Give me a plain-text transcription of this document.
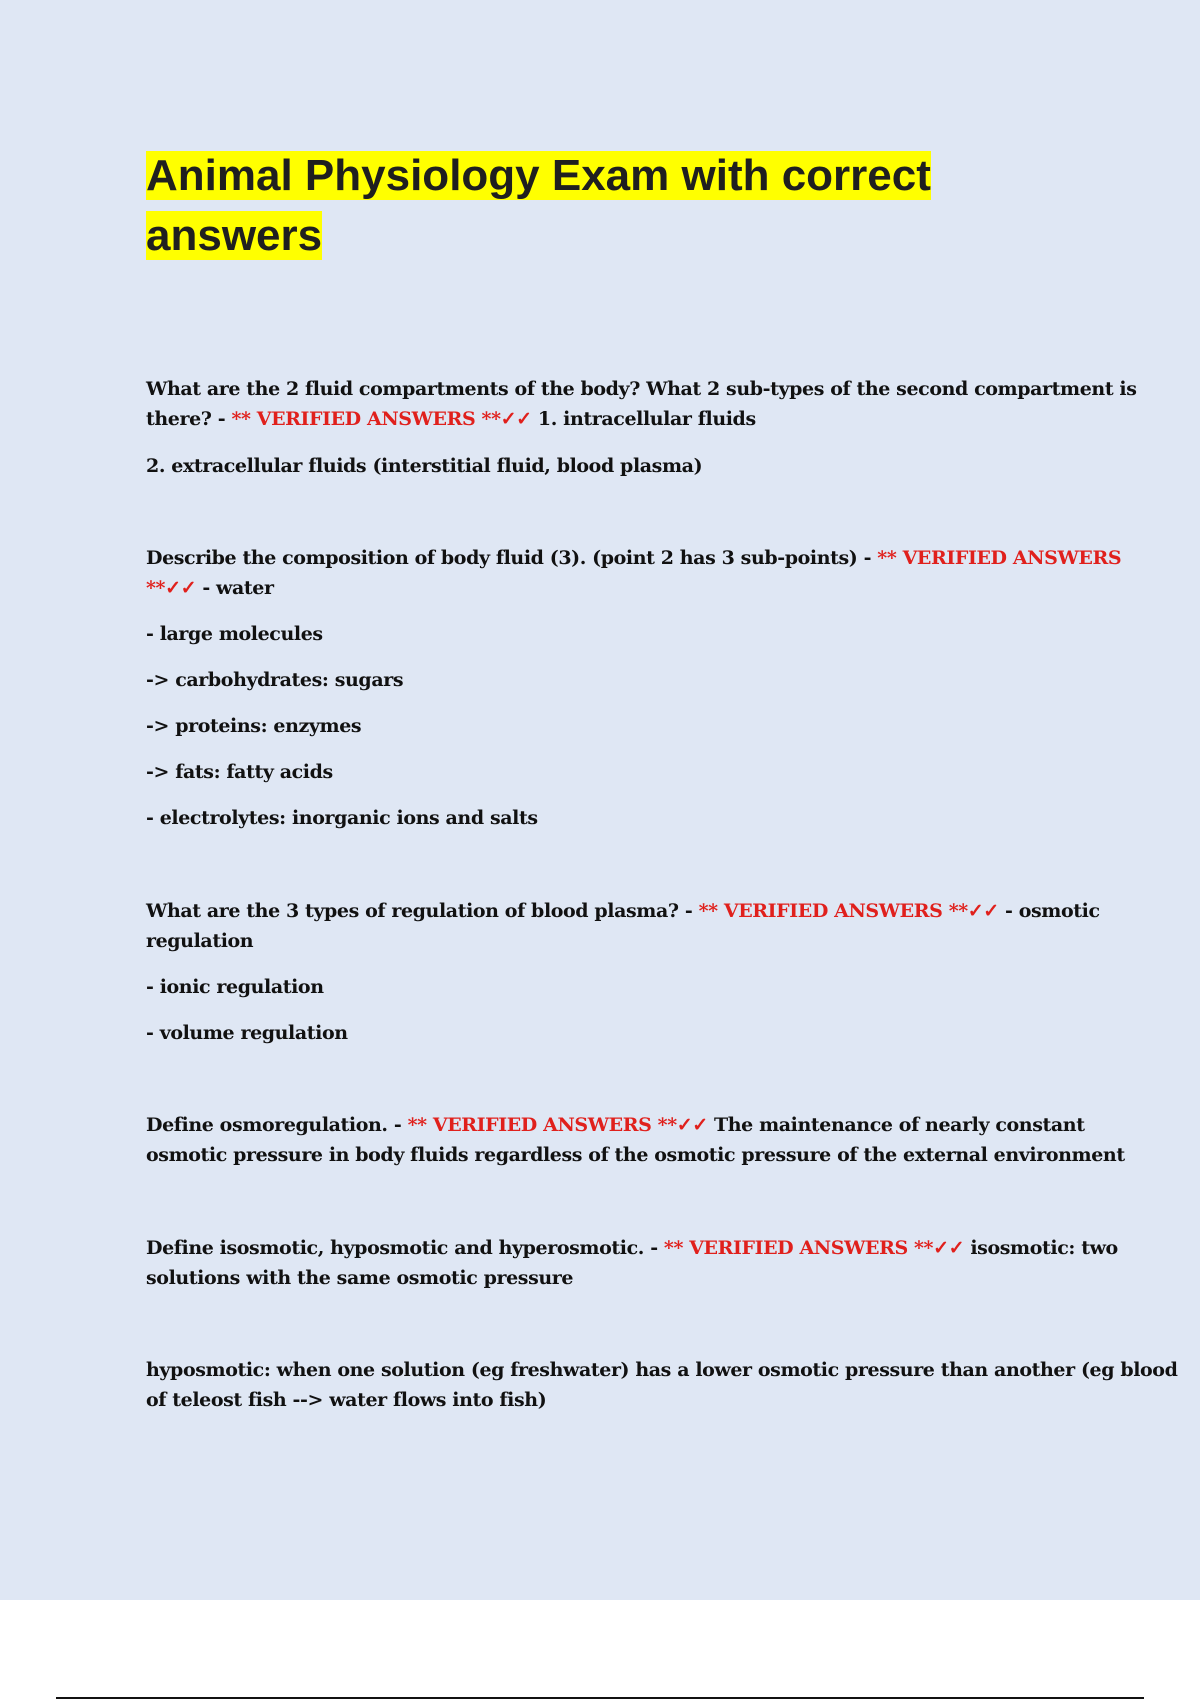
Animal Physiology Exam with correct answers

What are the 2 fluid compartments of the body? What 2 sub-types of the second compartment is

there? - ** VERIFIED ANSWERS **✓✓ 1. intracellular fluids

2. extracellular fluids (interstitial fluid, blood plasma)

Describe the composition of body fluid (3). (point 2 has 3 sub-points) - ** VERIFIED ANSWERS

**✓✓ - water

- large molecules

-> carbohydrates: sugars

-> proteins: enzymes

-> fats: fatty acids

- electrolytes: inorganic ions and salts

What are the 3 types of regulation of blood plasma? - ** VERIFIED ANSWERS **✓✓ - osmotic

regulation

- ionic regulation

- volume regulation

Define osmoregulation. - ** VERIFIED ANSWERS **✓✓ The maintenance of nearly constant

osmotic pressure in body fluids regardless of the osmotic pressure of the external environment

Define isosmotic, hyposmotic and hyperosmotic. - ** VERIFIED ANSWERS **✓✓ isosmotic: two

solutions with the same osmotic pressure

hyposmotic: when one solution (eg freshwater) has a lower osmotic pressure than another (eg blood

of teleost fish --> water flows into fish)
